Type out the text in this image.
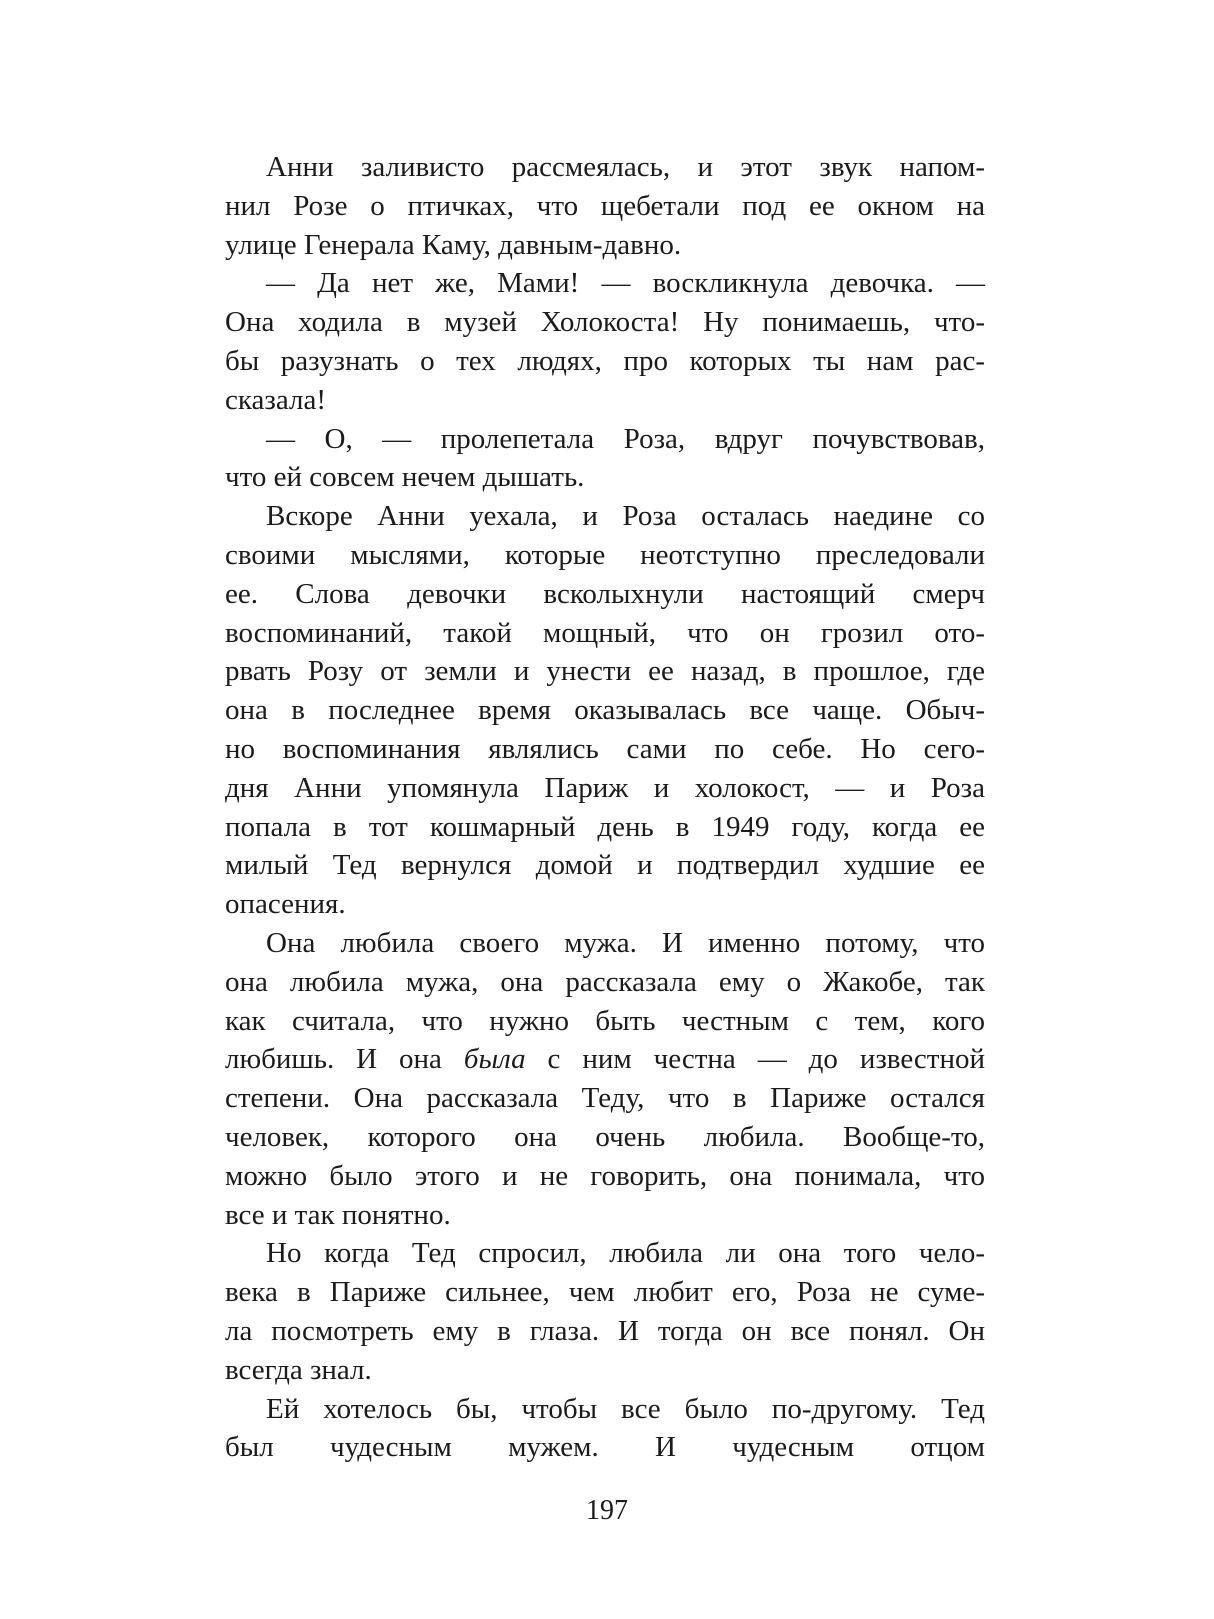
Анни заливисто рассмеялась, и этот звук напом-
нил Розе о птичках, что щебетали под ее окном на
улице Генерала Каму, давным-давно.
— Да нет же, Мами! — воскликнула девочка. —
Она ходила в музей Холокоста! Ну понимаешь, что-
бы разузнать о тех людях, про которых ты нам рас-
сказала!
— О, — пролепетала Роза, вдруг почувствовав,
что ей совсем нечем дышать.
Вскоре Анни уехала, и Роза осталась наедине со
своими мыслями, которые неотступно преследовали
ее. Слова девочки всколыхнули настоящий смерч
воспоминаний, такой мощный, что он грозил ото-
рвать Розу от земли и унести ее назад, в прошлое, где
она в последнее время оказывалась все чаще. Обыч-
но воспоминания являлись сами по себе. Но сего-
дня Анни упомянула Париж и холокост, — и Роза
попала в тот кошмарный день в 1949 году, когда ее
милый Тед вернулся домой и подтвердил худшие ее
опасения.
Она любила своего мужа. И именно потому, что
она любила мужа, она рассказала ему о Жакобе, так
как считала, что нужно быть честным с тем, кого
любишь. И она была с ним честна — до известной
степени. Она рассказала Теду, что в Париже остался
человек, которого она очень любила. Вообще-то,
можно было этого и не говорить, она понимала, что
все и так понятно.
Но когда Тед спросил, любила ли она того чело-
века в Париже сильнее, чем любит его, Роза не суме-
ла посмотреть ему в глаза. И тогда он все понял. Он
всегда знал.
Ей хотелось бы, чтобы все было по-другому. Тед
был чудесным мужем. И чудесным отцом
197
